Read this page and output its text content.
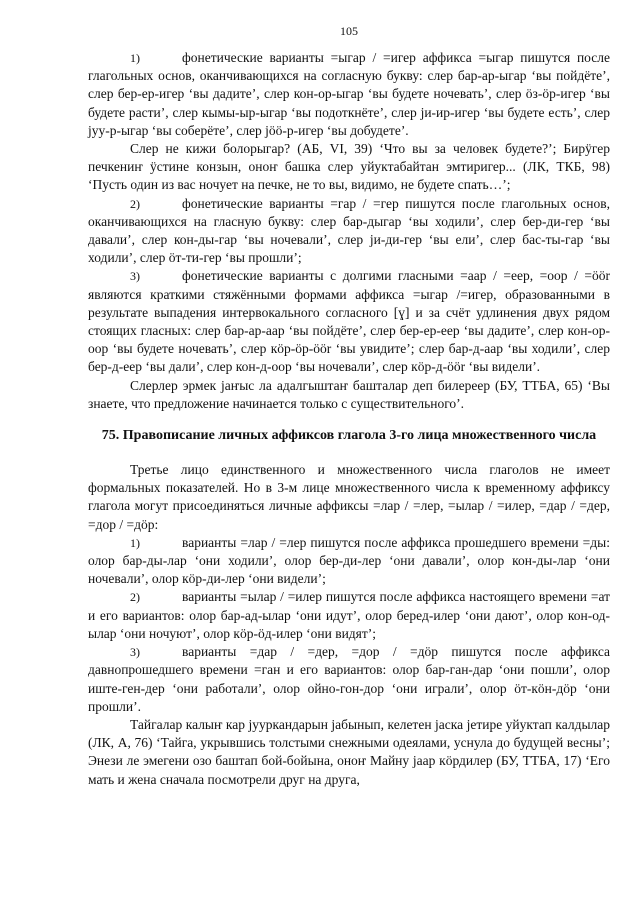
105

1)	фонетические варианты =ыгар / =игер аффикса =ыгар пишутся после глагольных основ, оканчивающихся на согласную букву: слер бар-ар-ыгар ‘вы пойдёте’, слер бер-ер-игер ‘вы дадите’, слер кон-ор-ыгар ‘вы будете ночевать’, слер öз-öр-игер ‘вы будете расти’, слер кымы-ыр-ыгар ‘вы подоткнёте’, слер jи-ир-игер ‘вы будете есть’, слер jуу-р-ыгар ‘вы соберёте’, слер jöö-р-игер ‘вы добудете’.

Слер не кижи болорыгар? (АБ, VI, 39) ‘Что вы за человек будете?’; Бирӱгер печкениҥ ӱстине конзын, оноҥ башка слер уйуктабайтан эмтиригер... (ЛК, ТКБ, 98) ‘Пусть один из вас ночует на печке, не то вы, видимо, не будете спать…’;

2)	фонетические варианты =гар / =гер пишутся после глагольных основ, оканчивающихся на гласную букву: слер бар-дыгар ‘вы ходили’, слер бер-ди-гер ‘вы давали’, слер кон-ды-гар ‘вы ночевали’, слер jи-ди-гер ‘вы ели’, слер бас-ты-гар ‘вы ходили’, слер öт-ти-гер ‘вы прошли’;

3)	фонетические варианты с долгими гласными =аар / =еер, =оор / =öör являются краткими стяжёнными формами аффикса =ыгар /=игер, образованными в результате выпадения интервокального согласного [ɣ] и за счёт удлинения двух рядом стоящих гласных: слер бар-ар-аар ‘вы пойдёте’, слер бер-ер-еер ‘вы дадите’, слер кон-ор-оор ‘вы будете ночевать’, слер кöр-öр-öör ‘вы увидите’; слер бар-д-аар ‘вы ходили’, слер бер-д-еер ‘вы дали’, слер кон-д-оор ‘вы ночевали’, слер кöр-д-öör ‘вы видели’.

Слерлер эрмек јаҥыс ла адалгыштаҥ башталар деп билереер (БУ, ТТБА, 65) ‘Вы знаете, что предложение начинается только с существительного’.

75. Правописание личных аффиксов глагола 3-го лица множественного числа

Третье лицо единственного и множественного числа глаголов не имеет формальных показателей. Но в 3-м лице множественного числа к временному аффиксу глагола могут присоединяться личные аффиксы =лар / =лер, =ылар / =илер, =дар / =дер, =дор / =дöр:

1)	варианты =лар / =лер пишутся после аффикса прошедшего времени =ды: олор бар-ды-лар ‘они ходили’, олор бер-ди-лер ‘они давали’, олор кон-ды-лар ‘они ночевали’, олор кöр-ди-лер ‘они видели’;

2)	варианты =ылар / =илер пишутся после аффикса настоящего времени =ат и его вариантов: олор бар-ад-ылар ‘они идут’, олор беред-илер ‘они дают’, олор кон-од-ылар ‘они ночуют’, олор кöр-öд-илер ‘они видят’;

3)	варианты =дар / =дер, =дор / =дöр пишутся после аффикса давнопрошедшего времени =ган и его вариантов: олор бар-ган-дар ‘они пошли’, олор иште-ген-дер ‘они работали’, олор ойно-гон-дор ‘они играли’, олор öт-кöн-дöр ‘они прошли’.

Тайгалар калыҥ кар јууркандарын јабынып, келетен јаска јетире уйуктап калдылар (ЛК, А, 76) ‘Тайга, укрывшись толстыми снежными одеялами, уснула до будущей весны’; Энези ле эмегени озо баштап бой-бойына, оноҥ Майну јаар кöрдилер (БУ, ТТБА, 17) ‘Его мать и жена сначала посмотрели друг на друга,
